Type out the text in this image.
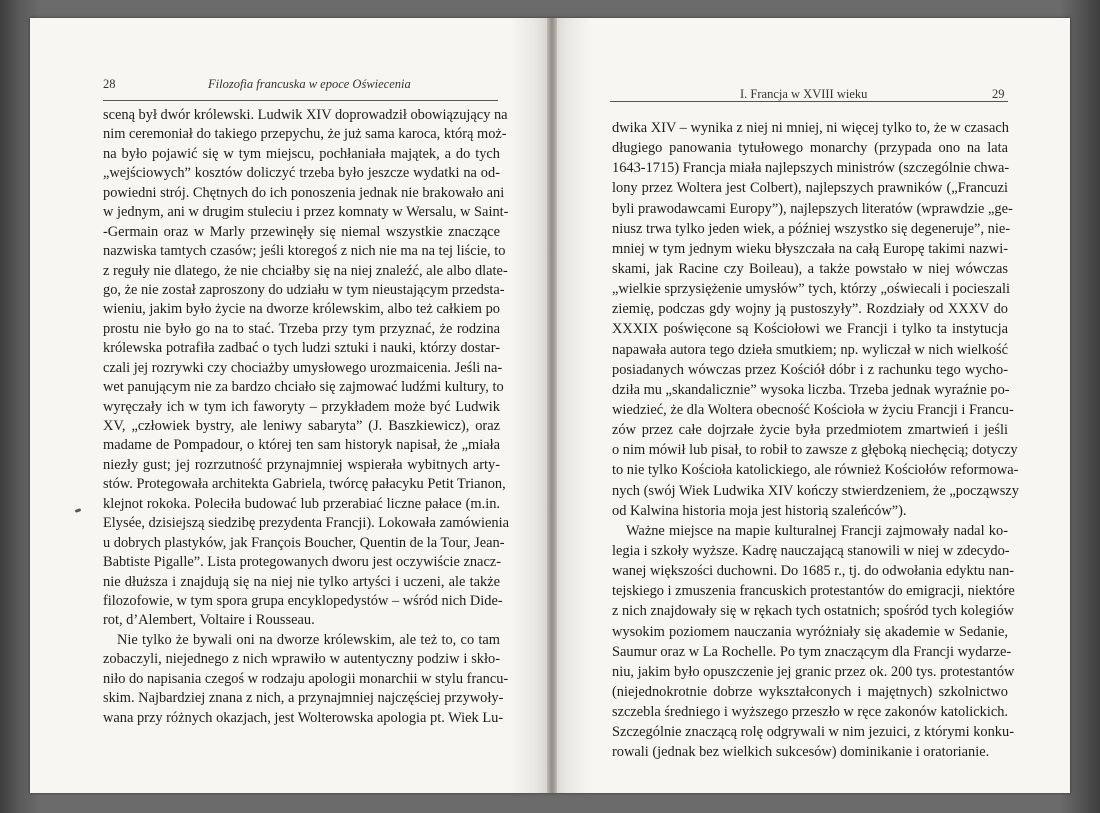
28	Filozofia francuska w epoce Oświecenia
I. Francja w XVIII wieku	29
sceną był dwór królewski. Ludwik XIV doprowadził obowiązujący na
nim ceremoniał do takiego przepychu, że już sama karoca, którą moż-
na było pojawić się w tym miejscu, pochłaniała majątek, a do tych
„wejściowych” kosztów doliczyć trzeba było jeszcze wydatki na od-
powiedni strój. Chętnych do ich ponoszenia jednak nie brakowało ani
w jednym, ani w drugim stuleciu i przez komnaty w Wersalu, w Saint-
-Germain oraz w Marly przewinęły się niemal wszystkie znaczące
nazwiska tamtych czasów; jeśli ktoregoś z nich nie ma na tej liście, to
z reguły nie dlatego, że nie chciałby się na niej znaleźć, ale albo dlate-
go, że nie został zaproszony do udziału w tym nieustającym przedsta-
wieniu, jakim było życie na dworze królewskim, albo też całkiem po
prostu nie było go na to stać. Trzeba przy tym przyznać, że rodzina
królewska potrafiła zadbać o tych ludzi sztuki i nauki, którzy dostar-
czali jej rozrywki czy chociażby umysłowego urozmaicenia. Jeśli na-
wet panującym nie za bardzo chciało się zajmować ludźmi kultury, to
wyręczały ich w tym ich faworyty – przykładem może być Ludwik
XV, „człowiek bystry, ale leniwy sabaryta” (J. Baszkiewicz), oraz
madame de Pompadour, o której ten sam historyk napisał, że „miała
niezły gust; jej rozrzutność przynajmniej wspierała wybitnych arty-
stów. Protegowała architekta Gabriela, twórcę pałacyku Petit Trianon,
klejnot rokoka. Poleciła budować lub przerabiać liczne pałace (m.in.
Elysée, dzisiejszą siedzibę prezydenta Francji). Lokowała zamówienia
u dobrych plastyków, jak François Boucher, Quentin de la Tour, Jean-
Babtiste Pigalle”. Lista protegowanych dworu jest oczywiście znacz-
nie dłuższa i znajdują się na niej nie tylko artyści i uczeni, ale także
filozofowie, w tym spora grupa encyklopedystów – wśród nich Dide-
rot, d’Alembert, Voltaire i Rousseau.
Nie tylko że bywali oni na dworze królewskim, ale też to, co tam
zobaczyli, niejednego z nich wprawiło w autentyczny podziw i skło-
niło do napisania czegoś w rodzaju apologii monarchii w stylu francu-
skim. Najbardziej znana z nich, a przynajmniej najczęściej przywoły-
wana przy różnych okazjach, jest Wolterowska apologia pt. Wiek Lu-
dwika XIV – wynika z niej ni mniej, ni więcej tylko to, że w czasach
długiego panowania tytułowego monarchy (przypada ono na lata
1643-1715) Francja miała najlepszych ministrów (szczególnie chwa-
lony przez Woltera jest Colbert), najlepszych prawników („Francuzi
byli prawodawcami Europy”), najlepszych literatów (wprawdzie „ge-
niusz trwa tylko jeden wiek, a później wszystko się degeneruje”, nie-
mniej w tym jednym wieku błyszczała na całą Europę takimi nazwi-
skami, jak Racine czy Boileau), a także powstało w niej wówczas
„wielkie sprzysiężenie umysłów” tych, którzy „oświecali i pocieszali
ziemię, podczas gdy wojny ją pustoszyły”. Rozdziały od XXXV do
XXXIX poświęcone są Kościołowi we Francji i tylko ta instytucja
napawała autora tego dzieła smutkiem; np. wyliczał w nich wielkość
posiadanych wówczas przez Kościół dóbr i z rachunku tego wycho-
dziła mu „skandalicznie” wysoka liczba. Trzeba jednak wyraźnie po-
wiedzieć, że dla Woltera obecność Kościoła w życiu Francji i Francu-
zów przez całe dojrzałe życie była przedmiotem zmartwień i jeśli
o nim mówił lub pisał, to robił to zawsze z głęboką niechęcią; dotyczy
to nie tylko Kościoła katolickiego, ale również Kościołów reformowa-
nych (swój Wiek Ludwika XIV kończy stwierdzeniem, że „począwszy
od Kalwina historia moja jest historią szaleńców”).
Ważne miejsce na mapie kulturalnej Francji zajmowały nadal ko-
legia i szkoły wyższe. Kadrę nauczającą stanowili w niej w zdecydo-
wanej większości duchowni. Do 1685 r., tj. do odwołania edyktu nan-
tejskiego i zmuszenia francuskich protestantów do emigracji, niektóre
z nich znajdowały się w rękach tych ostatnich; spośród tych kolegiów
wysokim poziomem nauczania wyróżniały się akademie w Sedanie,
Saumur oraz w La Rochelle. Po tym znaczącym dla Francji wydarze-
niu, jakim było opuszczenie jej granic przez ok. 200 tys. protestantów
(niejednokrotnie dobrze wykształconych i majętnych) szkolnictwo
szczebla średniego i wyższego przeszło w ręce zakonów katolickich.
Szczególnie znaczącą rolę odgrywali w nim jezuici, z którymi konku-
rowali (jednak bez wielkich sukcesów) dominikanie i oratorianie.
